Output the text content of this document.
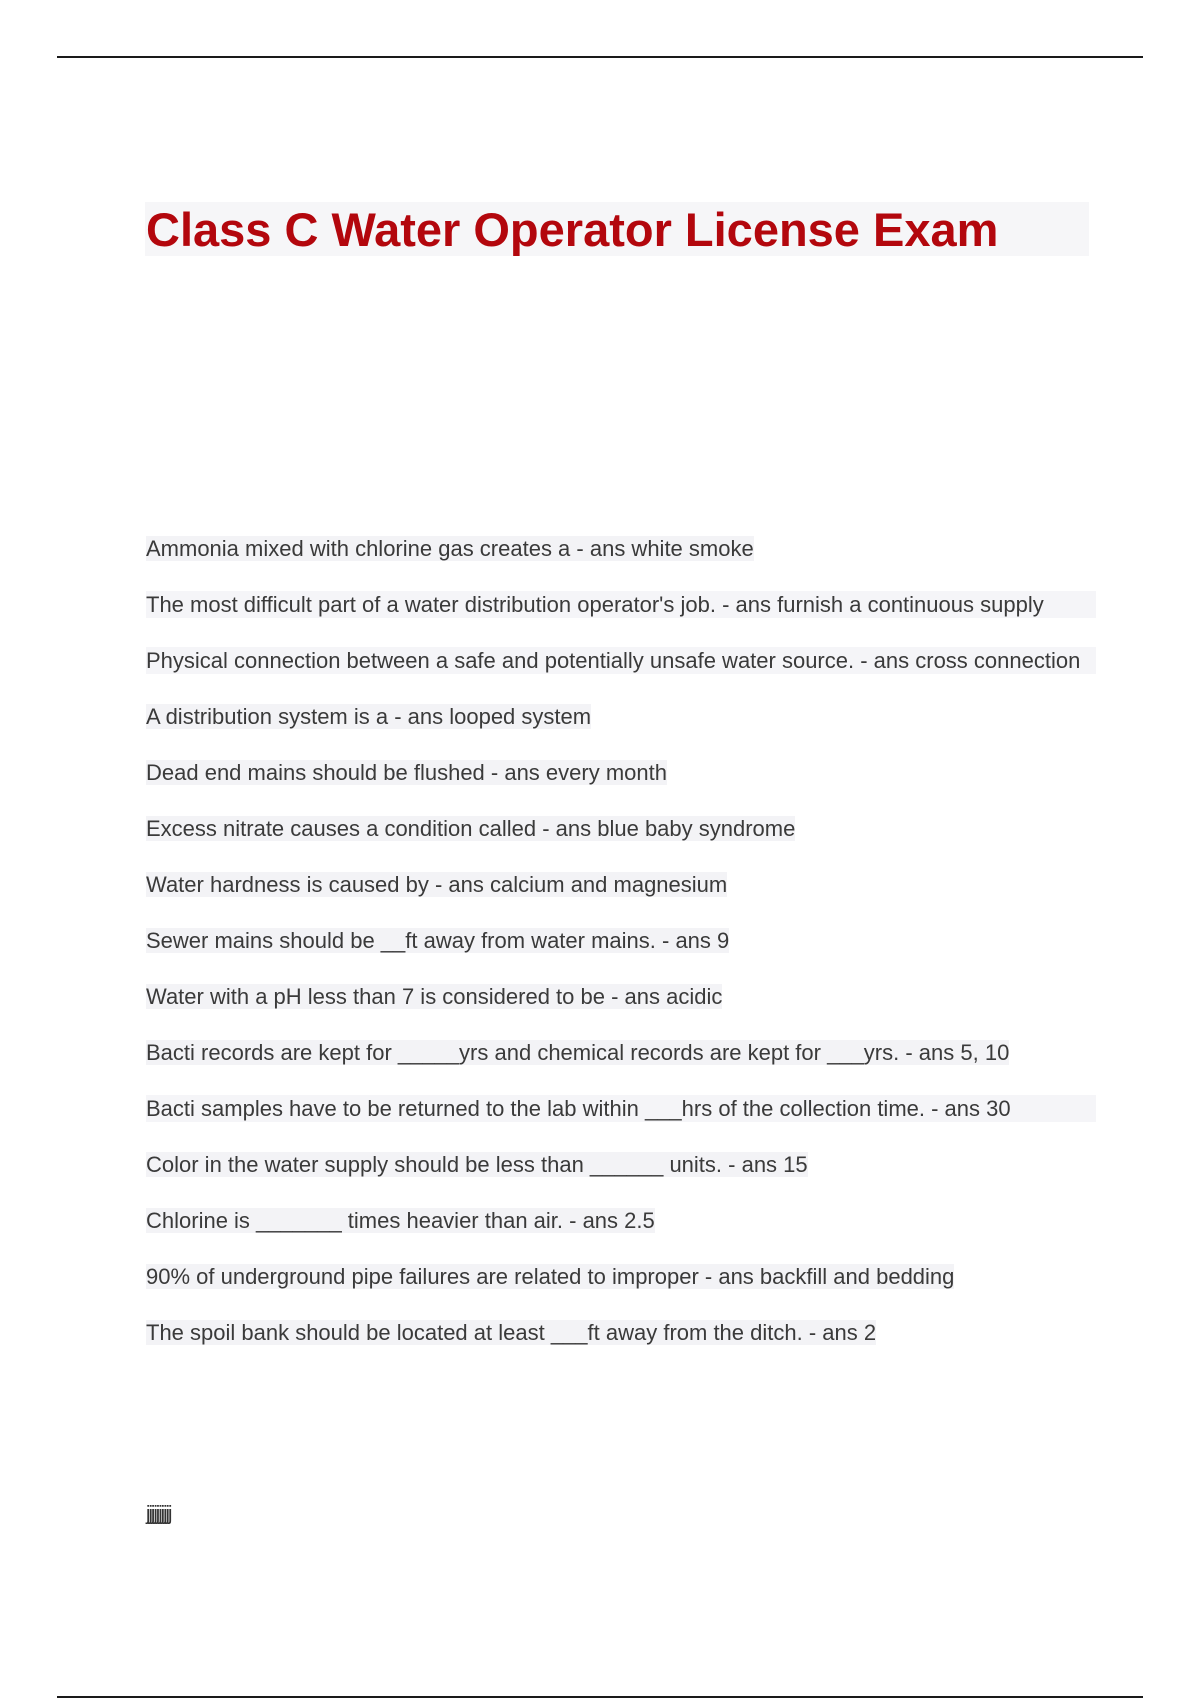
Class C Water Operator License Exam
Ammonia mixed with chlorine gas creates a - ans white smoke
The most difficult part of a water distribution operator's job. - ans furnish a continuous supply
Physical connection between a safe and potentially unsafe water source. - ans cross connection
A distribution system is a - ans looped system
Dead end mains should be flushed - ans every month
Excess nitrate causes a condition called - ans blue baby syndrome
Water hardness is caused by - ans calcium and magnesium
Sewer mains should be __ft away from water mains. - ans 9
Water with a pH less than 7 is considered to be - ans acidic
Bacti records are kept for _____yrs and chemical records are kept for ___yrs. - ans 5, 10
Bacti samples have to be returned to the lab within ___hrs of the collection time. - ans 30
Color in the water supply should be less than ______ units. - ans 15
Chlorine is _______ times heavier than air. - ans 2.5
90% of underground pipe failures are related to improper - ans backfill and bedding
The spoil bank should be located at least ___ft away from the ditch. - ans 2
jjjjjjjjjj
